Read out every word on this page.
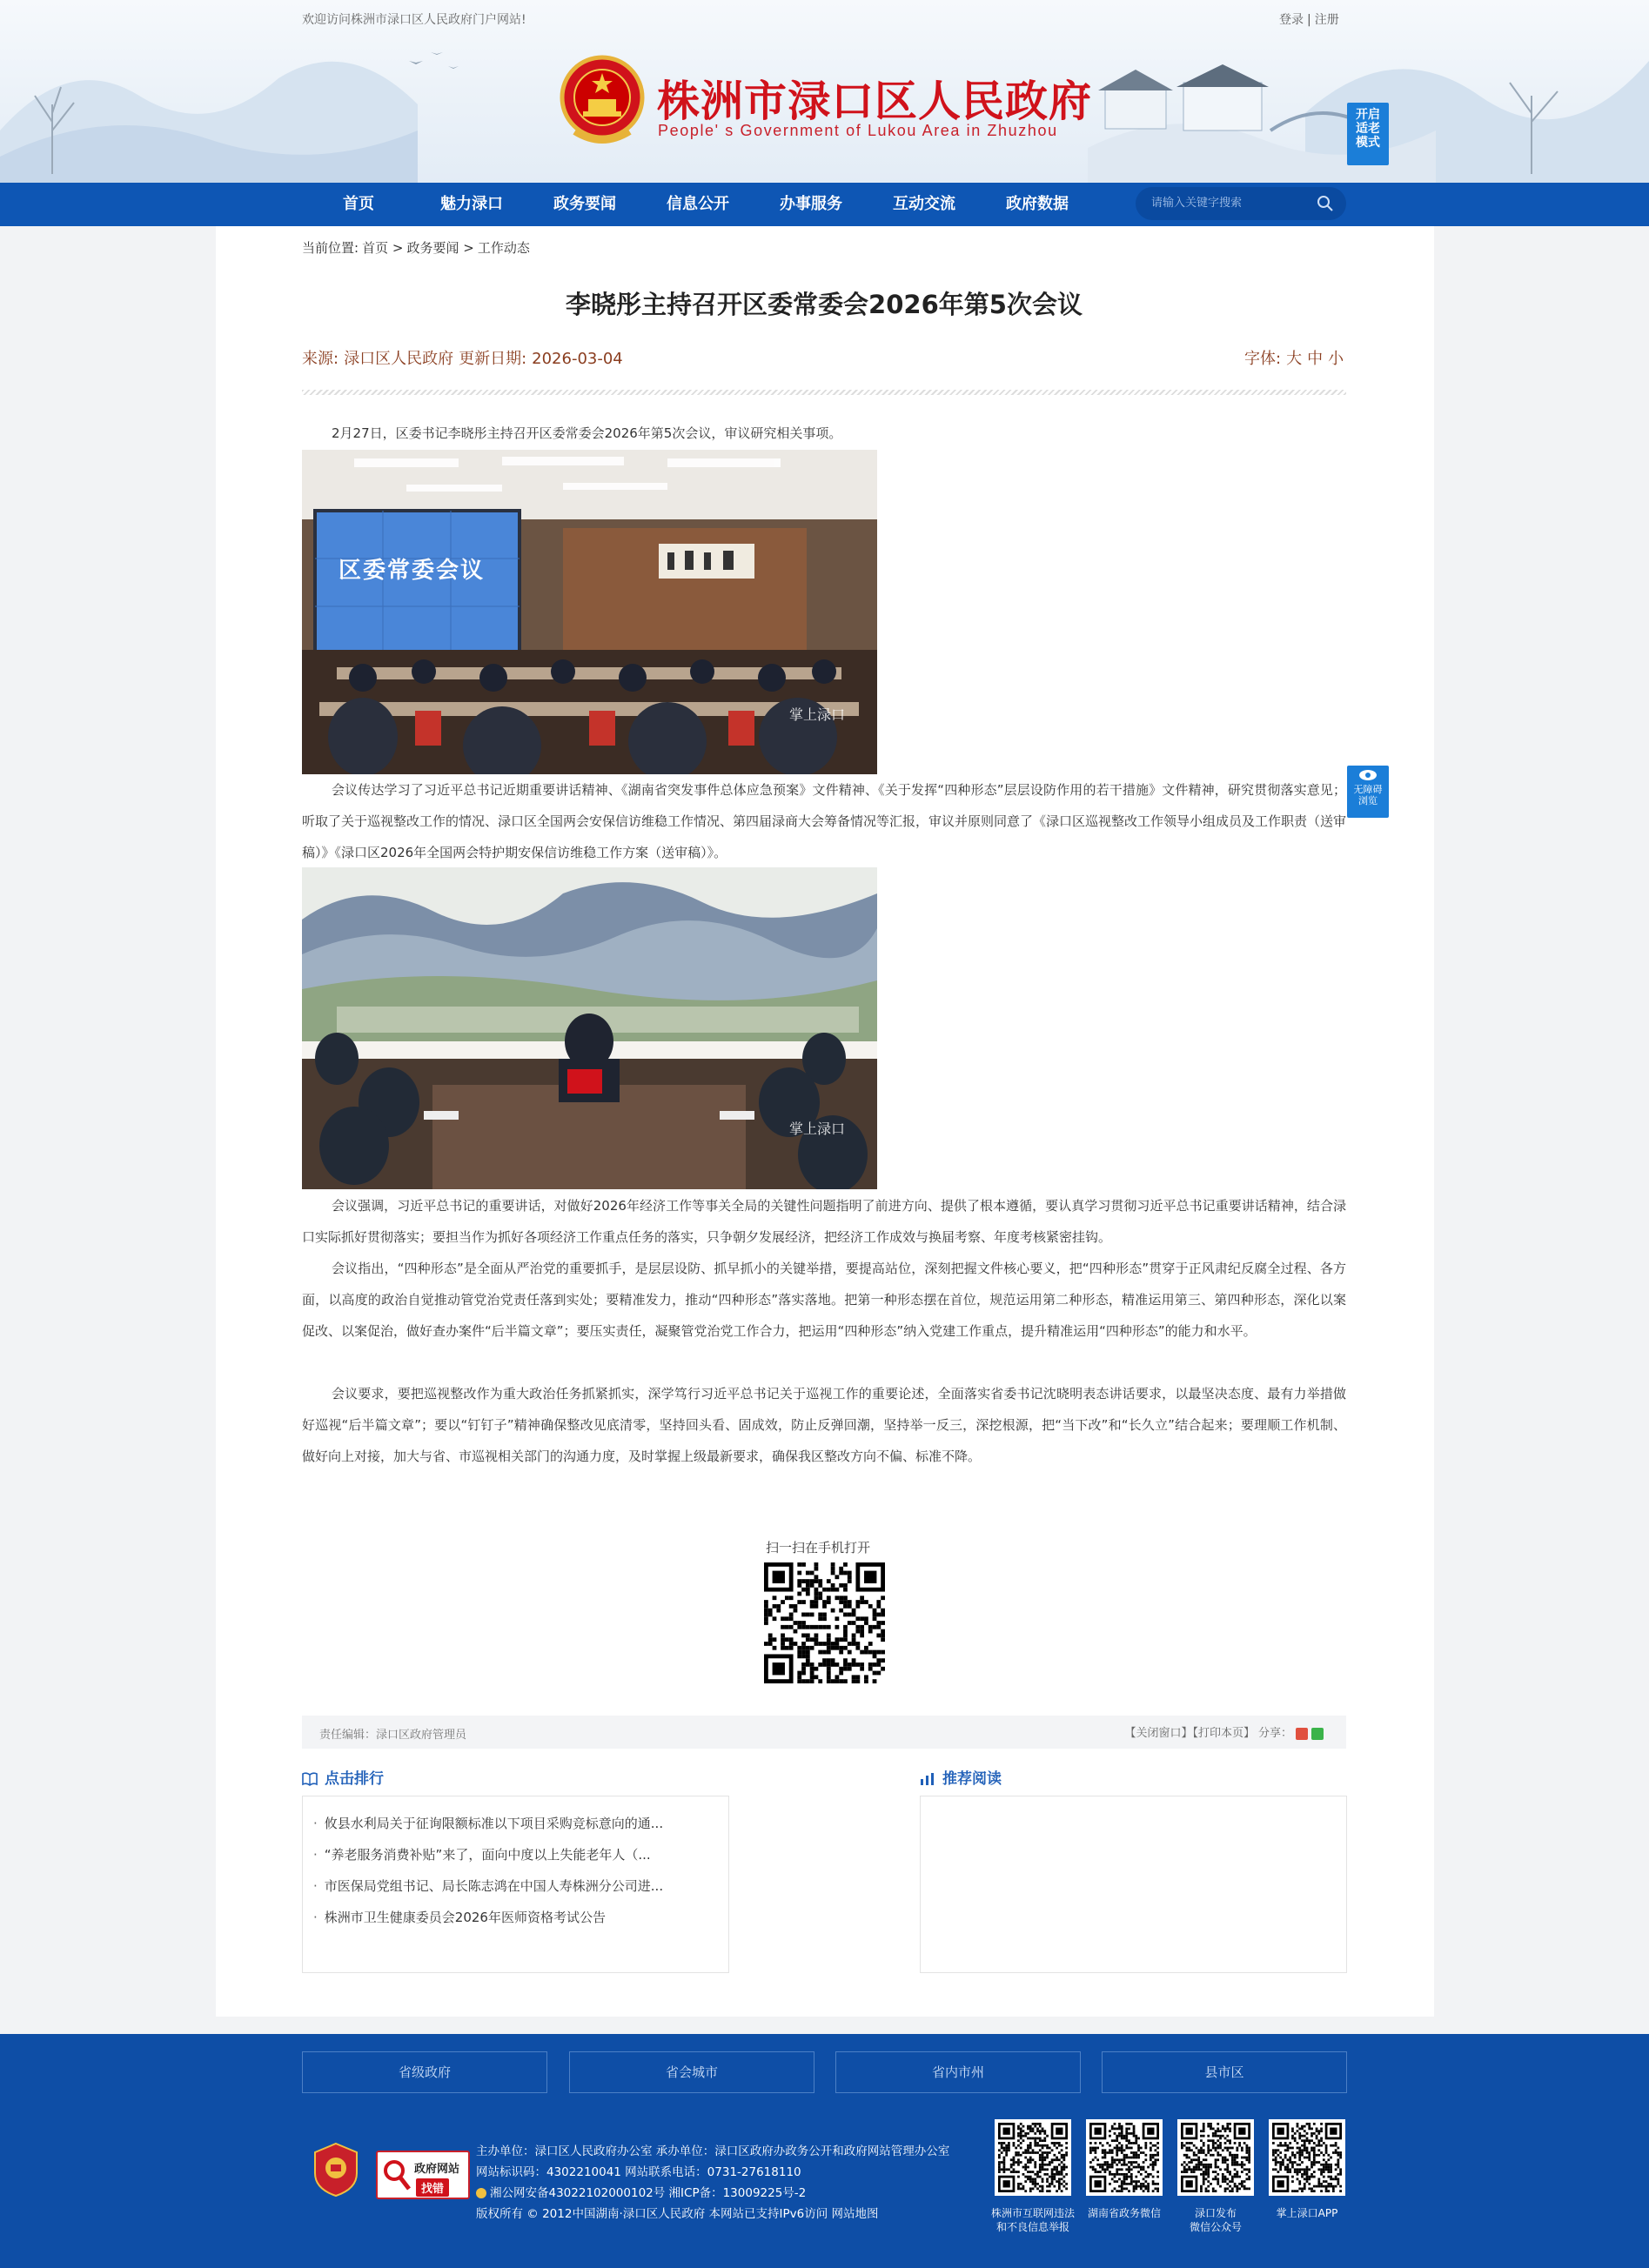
欢迎访问株洲市渌口区人民政府门户网站!	登录 | 注册
株洲市渌口区人民政府
People' s Government of Lukou Area in Zhuzhou
开启
适老
模式
首页	魅力渌口	政务要闻	信息公开	办事服务	互动交流	政府数据
请输入关键字搜索
当前位置: 首页 > 政务要闻 > 工作动态
李晓彤主持召开区委常委会2026年第5次会议
来源: 渌口区人民政府 更新日期: 2026-03-04	字体: 大 中 小

2月27日，区委书记李晓彤主持召开区委常委会2026年第5次会议，审议研究相关事项。

区委常委会议
掌上渌口

会议传达学习了习近平总书记近期重要讲话精神、《湖南省突发事件总体应急预案》文件精神、《关于发挥“四种形态”层层设防作用的若干措施》文件精神，研究贯彻落实意见；听取了关于巡视整改工作的情况、渌口区全国两会安保信访维稳工作情况、第四届渌商大会筹备情况等汇报，审议并原则同意了《渌口区巡视整改工作领导小组成员及工作职责（送审稿）》《渌口区2026年全国两会特护期安保信访维稳工作方案（送审稿）》。

掌上渌口

会议强调，习近平总书记的重要讲话，对做好2026年经济工作等事关全局的关键性问题指明了前进方向、提供了根本遵循，要认真学习贯彻习近平总书记重要讲话精神，结合渌口实际抓好贯彻落实；要担当作为抓好各项经济工作重点任务的落实，只争朝夕发展经济，把经济工作成效与换届考察、年度考核紧密挂钩。

会议指出，“四种形态”是全面从严治党的重要抓手，是层层设防、抓早抓小的关键举措，要提高站位，深刻把握文件核心要义，把“四种形态”贯穿于正风肃纪反腐全过程、各方面，以高度的政治自觉推动管党治党责任落到实处；要精准发力，推动“四种形态”落实落地。把第一种形态摆在首位，规范运用第二种形态，精准运用第三、第四种形态，深化以案促改、以案促治，做好查办案件“后半篇文章”；要压实责任，凝聚管党治党工作合力，把运用“四种形态”纳入党建工作重点，提升精准运用“四种形态”的能力和水平。

会议要求，要把巡视整改作为重大政治任务抓紧抓实，深学笃行习近平总书记关于巡视工作的重要论述，全面落实省委书记沈晓明表态讲话要求，以最坚决态度、最有力举措做好巡视“后半篇文章”；要以“钉钉子”精神确保整改见底清零，坚持回头看、固成效，防止反弹回潮，坚持举一反三，深挖根源，把“当下改”和“长久立”结合起来；要理顺工作机制、做好向上对接，加大与省、市巡视相关部门的沟通力度，及时掌握上级最新要求，确保我区整改方向不偏、标准不降。

扫一扫在手机打开
责任编辑：渌口区政府管理员	【关闭窗口】【打印本页】 分享：
点击排行
· 攸县水利局关于征询限额标准以下项目采购竞标意向的通...
· “养老服务消费补贴”来了，面向中度以上失能老年人（...
· 市医保局党组书记、局长陈志鸿在中国人寿株洲分公司进...
· 株洲市卫生健康委员会2026年医师资格考试公告
推荐阅读
无障碍
浏览
省级政府	省会城市	省内市州	县市区
政府网站
找错
主办单位：渌口区人民政府办公室 承办单位：渌口区政府办政务公开和政府网站管理办公室
网站标识码：4302210041 网站联系电话：0731-27618110
湘公网安备43022102000102号 湘ICP备：13009225号-2
版权所有 © 2012中国湖南·渌口区人民政府 本网站已支持IPv6访问 网站地图	株洲市互联网违法和不良信息举报
湖南省政务微信	渌口发布
微信公众号
掌上渌口APP
